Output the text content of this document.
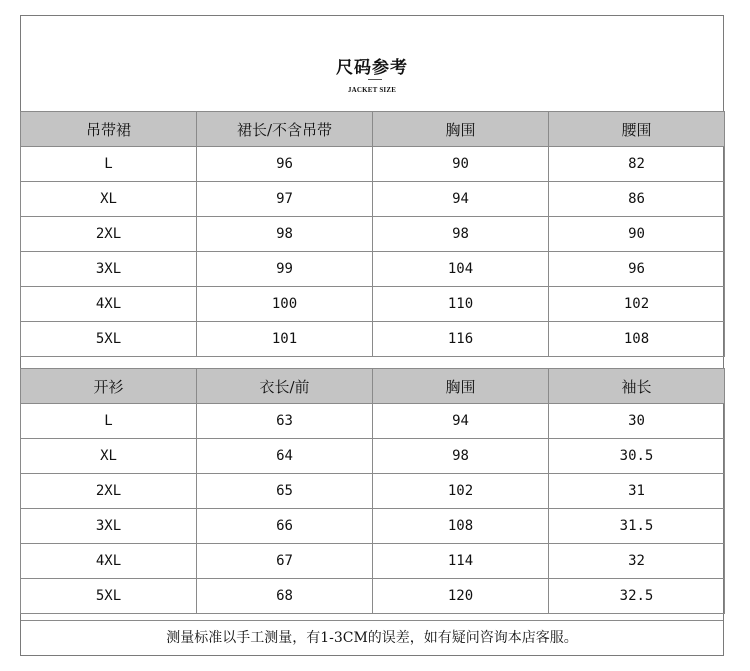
尺码参考
JACKET SIZE
吊带裙	裙长/不含吊带	胸围	腰围
L	96	90	82
XL	97	94	86
2XL	98	98	90
3XL	99	104	96
4XL	100	110	102
5XL	101	116	108
开衫	衣长/前	胸围	袖长
L	63	94	30
XL	64	98	30.5
2XL	65	102	31
3XL	66	108	31.5
4XL	67	114	32
5XL	68	120	32.5
测量标准以手工测量，有1-3CM的误差，如有疑问咨询本店客服。
